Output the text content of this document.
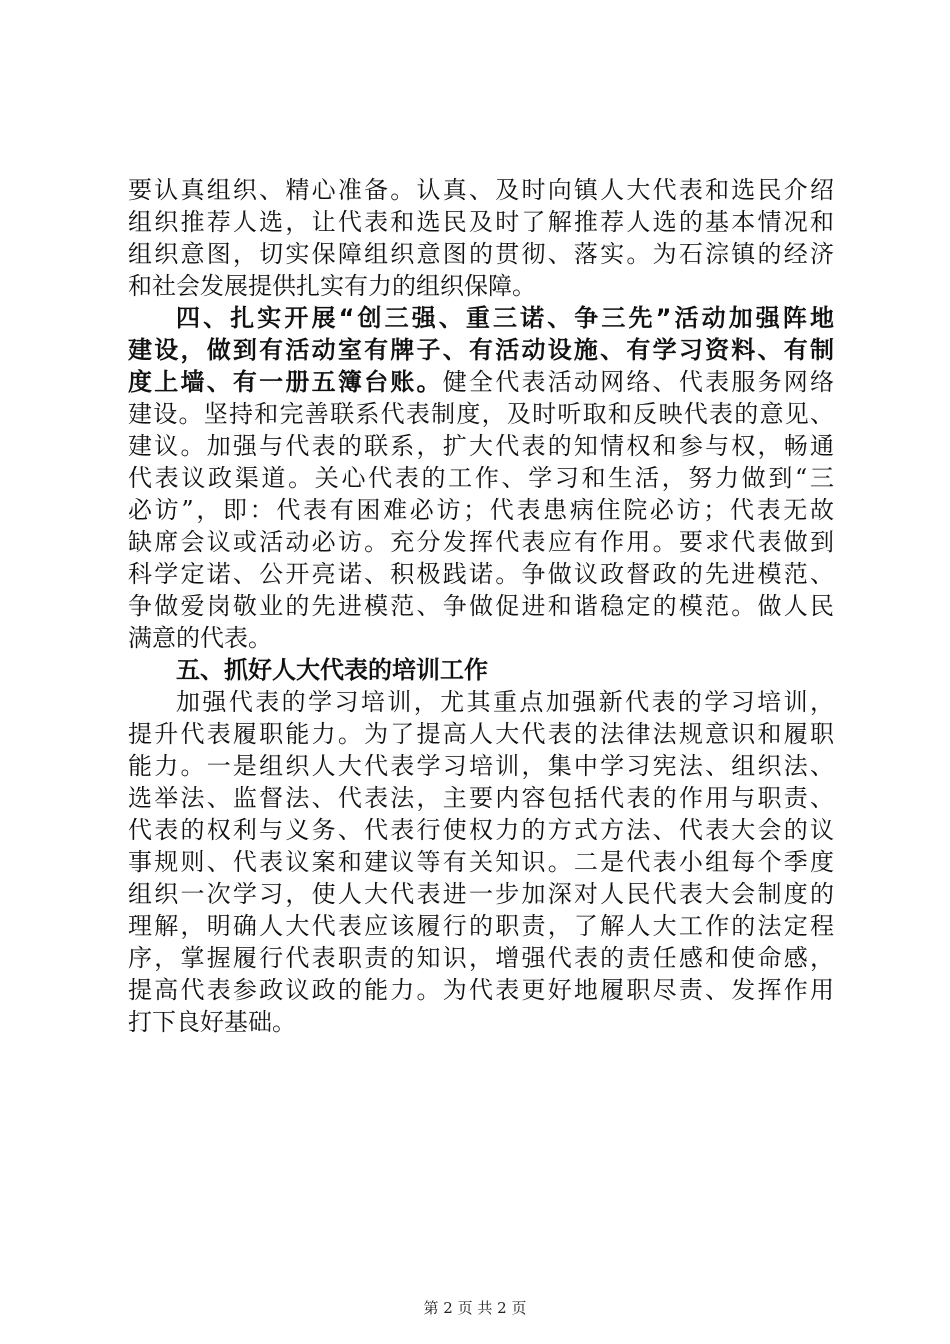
要认真组织、精心准备。认真、及时向镇人大代表和选民介绍
组织推荐人选，让代表和选民及时了解推荐人选的基本情况和
组织意图，切实保障组织意图的贯彻、落实。为石淙镇的经济
和社会发展提供扎实有力的组织保障。
四、扎实开展“创三强、重三诺、争三先”活动加强阵地
建设，做到有活动室有牌子、有活动设施、有学习资料、有制
度上墙、有一册五簿台账。健全代表活动网络、代表服务网络
建设。坚持和完善联系代表制度，及时听取和反映代表的意见、
建议。加强与代表的联系，扩大代表的知情权和参与权，畅通
代表议政渠道。关心代表的工作、学习和生活，努力做到“三
必访”，即：代表有困难必访；代表患病住院必访；代表无故
缺席会议或活动必访。充分发挥代表应有作用。要求代表做到
科学定诺、公开亮诺、积极践诺。争做议政督政的先进模范、
争做爱岗敬业的先进模范、争做促进和谐稳定的模范。做人民
满意的代表。
五、抓好人大代表的培训工作
加强代表的学习培训，尤其重点加强新代表的学习培训，
提升代表履职能力。为了提高人大代表的法律法规意识和履职
能力。一是组织人大代表学习培训，集中学习宪法、组织法、
选举法、监督法、代表法，主要内容包括代表的作用与职责、
代表的权利与义务、代表行使权力的方式方法、代表大会的议
事规则、代表议案和建议等有关知识。二是代表小组每个季度
组织一次学习，使人大代表进一步加深对人民代表大会制度的
理解，明确人大代表应该履行的职责，了解人大工作的法定程
序，掌握履行代表职责的知识，增强代表的责任感和使命感，
提高代表参政议政的能力。为代表更好地履职尽责、发挥作用
打下良好基础。
第 2 页 共 2 页
